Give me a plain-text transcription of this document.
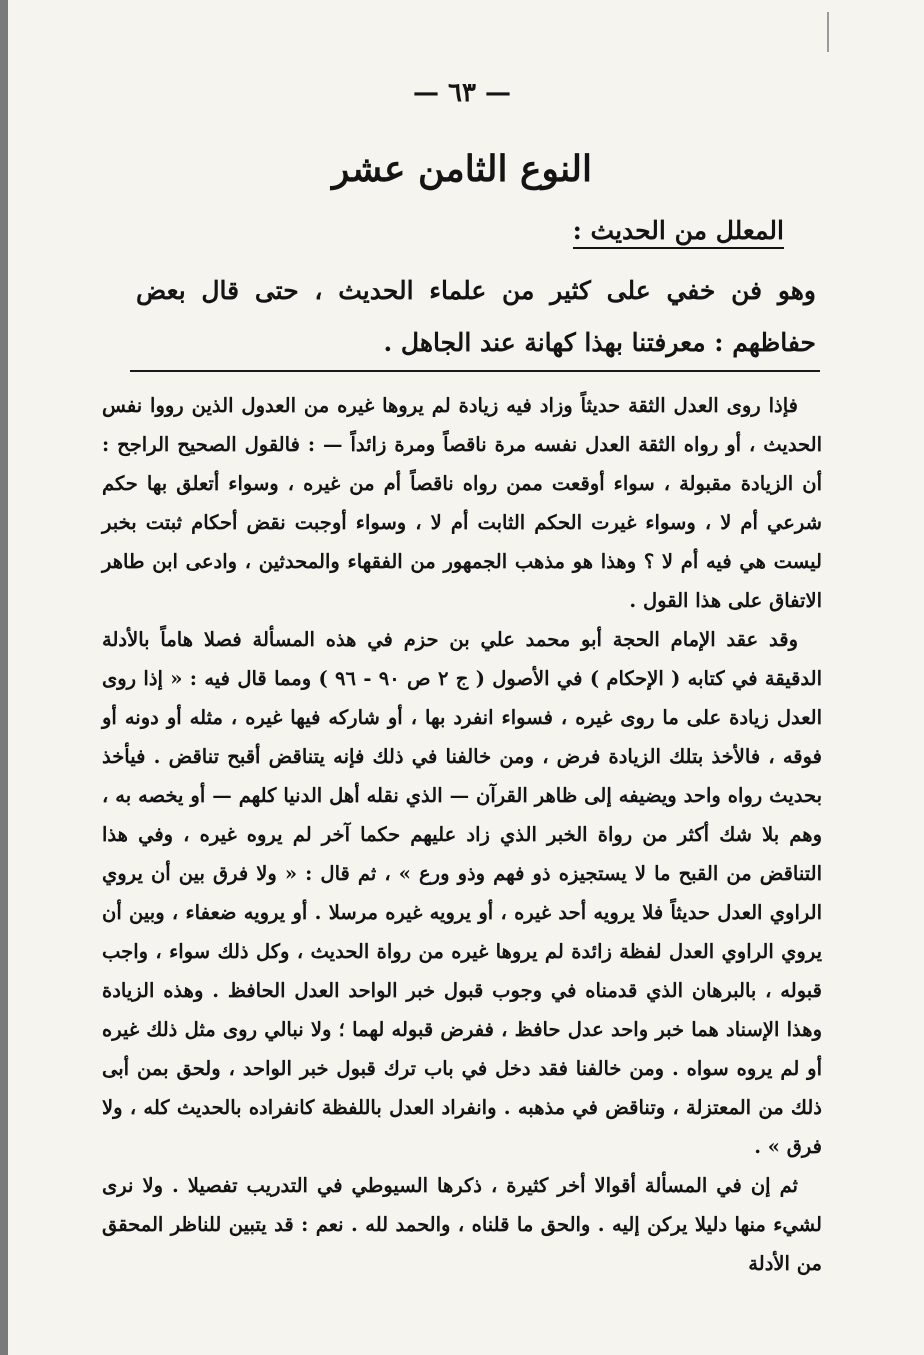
— ٦٣ —
النوع الثامن عشر
المعلل من الحديث :
وهو فن خفي على كثير من علماء الحديث ، حتى قال بعض حفاظهم : معرفتنا بهذا كهانة عند الجاهل .

فإذا روى العدل الثقة حديثاً وزاد فيه زيادة لم يروها غيره من العدول الذين رووا نفس الحديث ، أو رواه الثقة العدل نفسه مرة ناقصاً ومرة زائداً — : فالقول الصحيح الراجح : أن الزيادة مقبولة ، سواء أوقعت ممن رواه ناقصاً أم من غيره ، وسواء أتعلق بها حكم شرعي أم لا ، وسواء غيرت الحكم الثابت أم لا ، وسواء أوجبت نقض أحكام ثبتت بخبر ليست هي فيه أم لا ؟ وهذا هو مذهب الجمهور من الفقهاء والمحدثين ، وادعى ابن طاهر الاتفاق على هذا القول .

وقد عقد الإمام الحجة أبو محمد علي بن حزم في هذه المسألة فصلا هاماً بالأدلة الدقيقة في كتابه ( الإحكام ) في الأصول ( ج ٢ ص ٩٠ - ٩٦ ) ومما قال فيه : « إذا روى العدل زيادة على ما روى غيره ، فسواء انفرد بها ، أو شاركه فيها غيره ، مثله أو دونه أو فوقه ، فالأخذ بتلك الزيادة فرض ، ومن خالفنا في ذلك فإنه يتناقض أقبح تناقض . فيأخذ بحديث رواه واحد ويضيفه إلى ظاهر القرآن — الذي نقله أهل الدنيا كلهم — أو يخصه به ، وهم بلا شك أكثر من رواة الخبر الذي زاد عليهم حكما آخر لم يروه غيره ، وفي هذا التناقض من القبح ما لا يستجيزه ذو فهم وذو ورع » ، ثم قال : « ولا فرق بين أن يروي الراوي العدل حديثاً فلا يرويه أحد غيره ، أو يرويه غيره مرسلا . أو يرويه ضعفاء ، وبين أن يروي الراوي العدل لفظة زائدة لم يروها غيره من رواة الحديث ، وكل ذلك سواء ، واجب قبوله ، بالبرهان الذي قدمناه في وجوب قبول خبر الواحد العدل الحافظ . وهذه الزيادة وهذا الإسناد هما خبر واحد عدل حافظ ، ففرض قبوله لهما ؛ ولا نبالي روى مثل ذلك غيره أو لم يروه سواه . ومن خالفنا فقد دخل في باب ترك قبول خبر الواحد ، ولحق بمن أبى ذلك من المعتزلة ، وتناقض في مذهبه . وانفراد العدل باللفظة كانفراده بالحديث كله ، ولا فرق » .

ثم إن في المسألة أقوالا أخر كثيرة ، ذكرها السيوطي في التدريب تفصيلا . ولا نرى لشيء منها دليلا يركن إليه . والحق ما قلناه ، والحمد لله . نعم : قد يتبين للناظر المحقق من الأدلة
